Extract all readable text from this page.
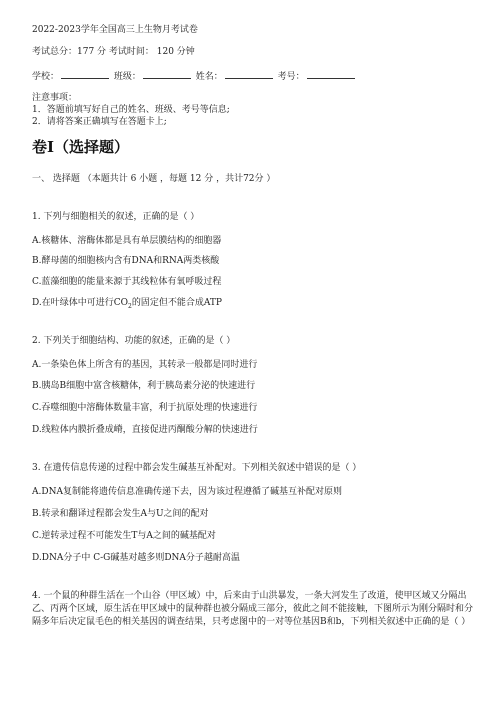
2022-2023学年全国高三上生物月考试卷
考试总分：177 分 考试时间： 120 分钟
学校：	班级：	姓名：	考号：
注意事项：
1．答题前填写好自己的姓名、班级、考号等信息;
2．请将答案正确填写在答题卡上;
卷Ⅰ（选择题）
一、 选择题 （本题共计 6 小题 ，每题 12 分 ，共计72分 ）
1. 下列与细胞相关的叙述，正确的是（ ）
A.核糖体、溶酶体都是具有单层膜结构的细胞器
B.酵母菌的细胞核内含有DNA和RNA两类核酸
C.蓝藻细胞的能量来源于其线粒体有氧呼吸过程
D.在叶绿体中可进行$CO_2$的固定但不能合成ATP
2. 下列关于细胞结构、功能的叙述，正确的是（ ）
A.一条染色体上所含有的基因，其转录一般都是同时进行
B.胰岛B细胞中富含核糖体，利于胰岛素分泌的快速进行
C.吞噬细胞中溶酶体数量丰富，利于抗原处理的快速进行
D.线粒体内膜折叠成嵴，直接促进丙酮酸分解的快速进行
3. 在遗传信息传递的过程中都会发生碱基互补配对。下列相关叙述中错误的是（ ）
A.DNA复制能将遗传信息准确传递下去，因为该过程遵循了碱基互补配对原则
B.转录和翻译过程都会发生A与U之间的配对
C.逆转录过程不可能发生T与A之间的碱基配对
D.DNA分子中 C-G碱基对越多则DNA分子越耐高温
4. 一个鼠的种群生活在一个山谷（甲区域）中，后来由于山洪暴发，一条大河发生了改道，使甲区域又分隔出乙、丙两个区域，原生活在甲区域中的鼠种群也被分隔成三部分，彼此之间不能接触，下图所示为刚分隔时和分隔多年后决定鼠毛色的相关基因的调查结果，只考虑图中的一对等位基因B和b，下列相关叙述中正确的是（ ）
